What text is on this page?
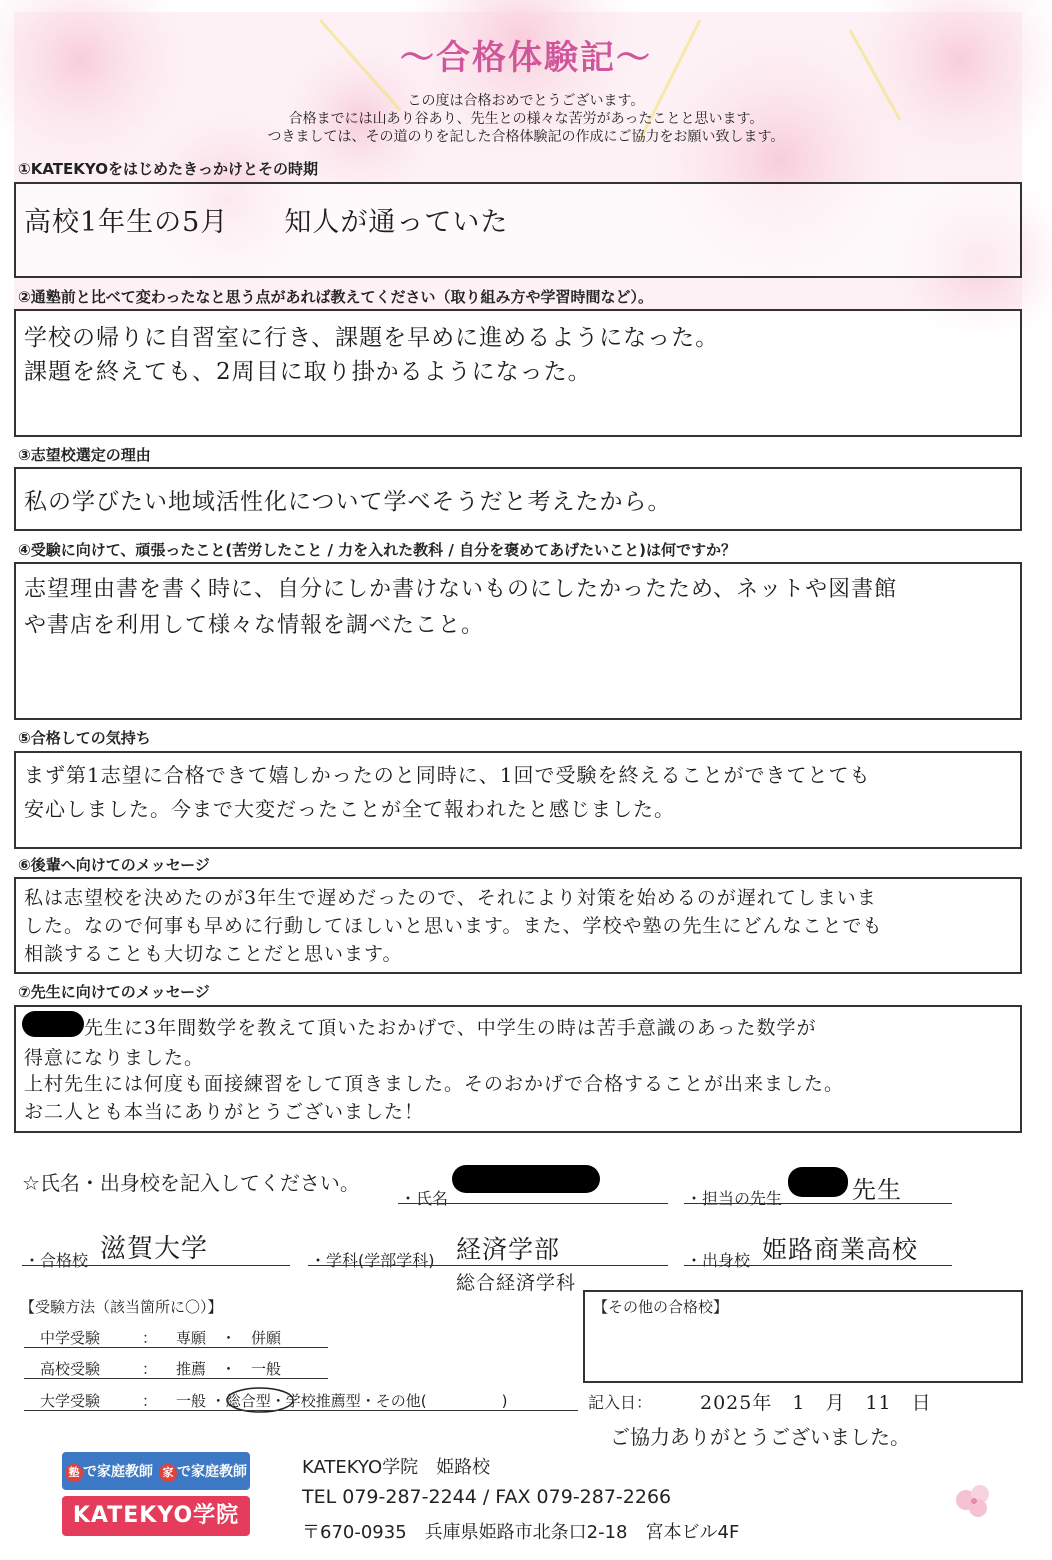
～合格体験記～
この度は合格おめでとうございます。
合格までには山あり谷あり、先生との様々な苦労があったことと思います。
つきましては、その道のりを記した合格体験記の作成にご協力をお願い致します。
①KATEKYOをはじめたきっかけとその時期
高校1年生の5月　　知人が通っていた
②通塾前と比べて変わったなと思う点があれば教えてください（取り組み方や学習時間など）。
学校の帰りに自習室に行き、課題を早めに進めるようになった。
課題を終えても、2周目に取り掛かるようになった。
③志望校選定の理由
私の学びたい地域活性化について学べそうだと考えたから。
④受験に向けて、頑張ったこと(苦労したこと / 力を入れた教科 / 自分を褒めてあげたいこと)は何ですか？
志望理由書を書く時に、自分にしか書けないものにしたかったため、ネットや図書館
や書店を利用して様々な情報を調べたこと。
⑤合格しての気持ち
まず第1志望に合格できて嬉しかったのと同時に、1回で受験を終えることができてとても
安心しました。今まで大変だったことが全て報われたと感じました。
⑥後輩へ向けてのメッセージ
私は志望校を決めたのが3年生で遅めだったので、それにより対策を始めるのが遅れてしまいま
した。なので何事も早めに行動してほしいと思います。また、学校や塾の先生にどんなことでも
相談することも大切なことだと思います。
⑦先生に向けてのメッセージ
　　　先生に3年間数学を教えて頂いたおかげで、中学生の時は苦手意識のあった数学が
得意になりました。
上村先生には何度も面接練習をして頂きました。そのおかげで合格することが出来ました。
お二人とも本当にありがとうございました！
☆氏名・出身校を記入してください。
・氏名	・担当の先生	先生
・合格校 滋賀大学	・学科(学部学科) 経済学部
総合経済学科
・出身校 姫路商業高校
【受験方法（該当箇所に〇）】
中学受験	： 専願　・　併願
高校受験	： 推薦　・　一般
大学受験	： 一般 ・総合型・学校推薦型・その他(　　　　　)
【その他の合格校】
記入日：	2025年　1　月　11　日
ご協力ありがとうございました。
塾 で家庭教師 家 で家庭教師
KATEKYO学院
KATEKYO学院　姫路校
TEL 079-287-2244 / FAX 079-287-2266
〒670-0935　兵庫県姫路市北条口2-18　宮本ビル4F
